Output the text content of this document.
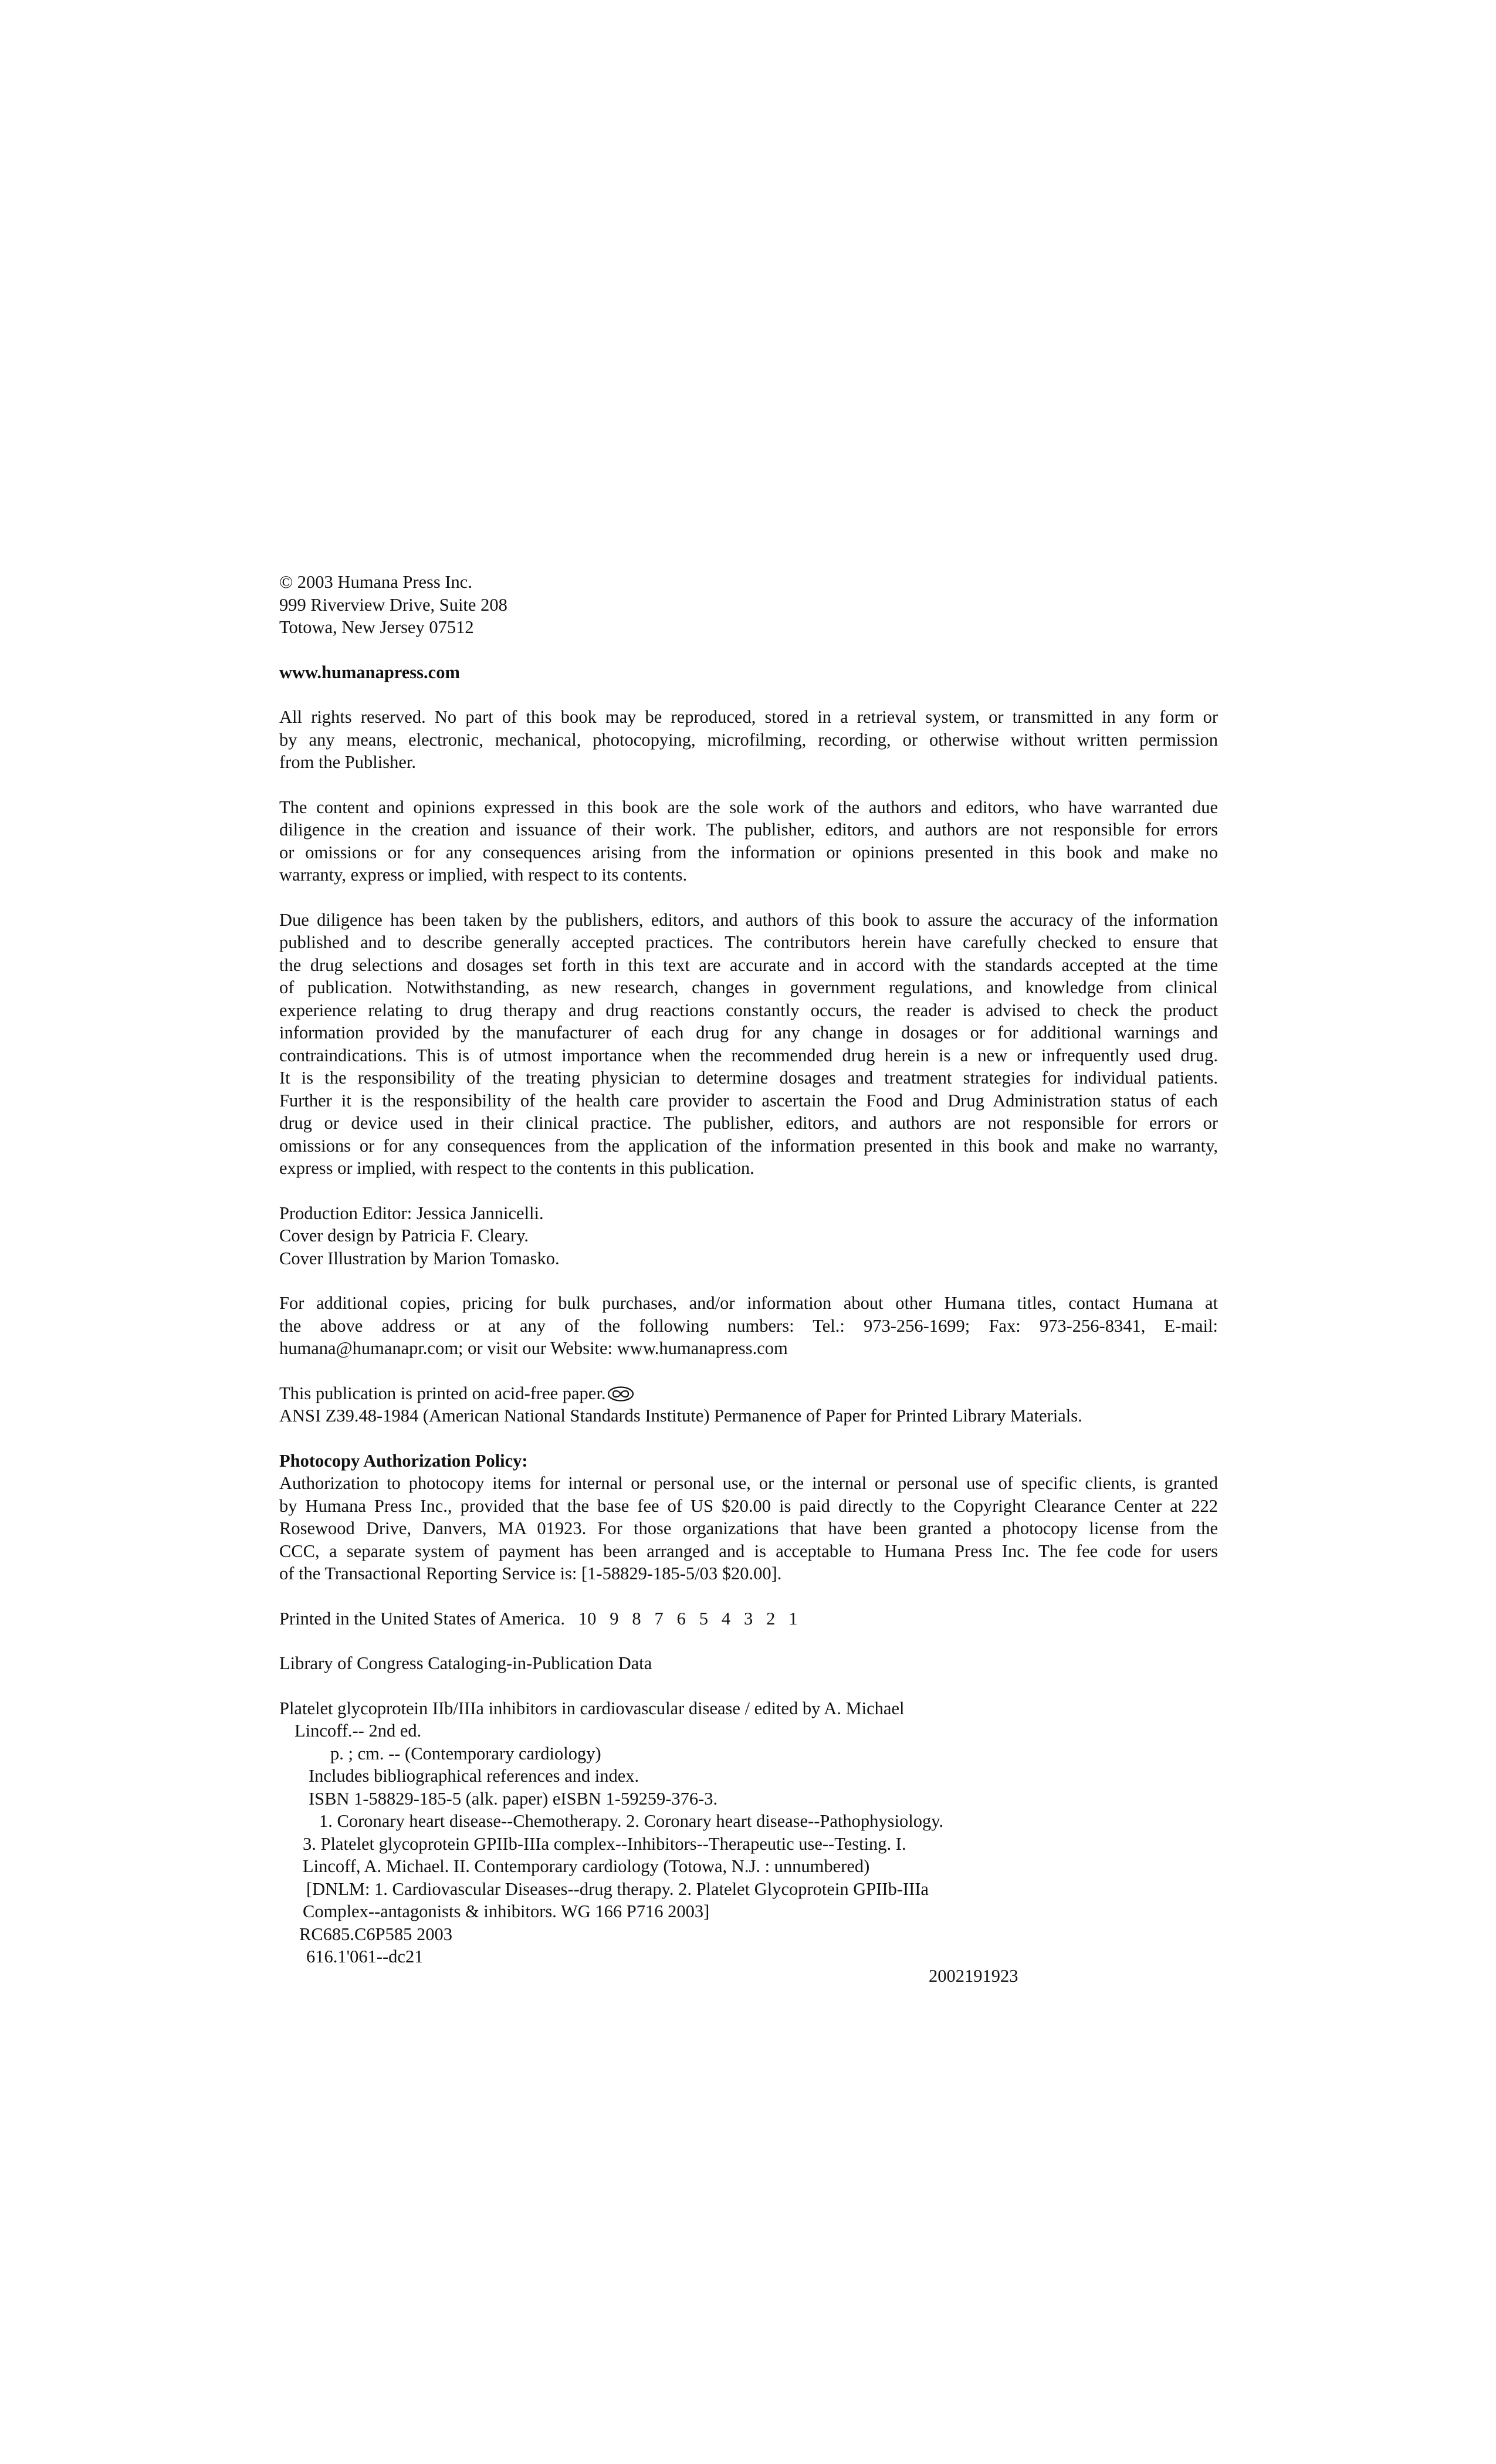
© 2003 Humana Press Inc.
999 Riverview Drive, Suite 208
Totowa, New Jersey 07512
www.humanapress.com
All rights reserved. No part of this book may be reproduced, stored in a retrieval system, or transmitted in any form or
by any means, electronic, mechanical, photocopying, microfilming, recording, or otherwise without written permission
from the Publisher.
The content and opinions expressed in this book are the sole work of the authors and editors, who have warranted due
diligence in the creation and issuance of their work. The publisher, editors, and authors are not responsible for errors
or omissions or for any consequences arising from the information or opinions presented in this book and make no
warranty, express or implied, with respect to its contents.
Due diligence has been taken by the publishers, editors, and authors of this book to assure the accuracy of the information
published and to describe generally accepted practices. The contributors herein have carefully checked to ensure that
the drug selections and dosages set forth in this text are accurate and in accord with the standards accepted at the time
of publication. Notwithstanding, as new research, changes in government regulations, and knowledge from clinical
experience relating to drug therapy and drug reactions constantly occurs, the reader is advised to check the product
information provided by the manufacturer of each drug for any change in dosages or for additional warnings and
contraindications. This is of utmost importance when the recommended drug herein is a new or infrequently used drug.
It is the responsibility of the treating physician to determine dosages and treatment strategies for individual patients.
Further it is the responsibility of the health care provider to ascertain the Food and Drug Administration status of each
drug or device used in their clinical practice. The publisher, editors, and authors are not responsible for errors or
omissions or for any consequences from the application of the information presented in this book and make no warranty,
express or implied, with respect to the contents in this publication.
Production Editor: Jessica Jannicelli.
Cover design by Patricia F. Cleary.
Cover Illustration by Marion Tomasko.
For additional copies, pricing for bulk purchases, and/or information about other Humana titles, contact Humana at
the above address or at any of the following numbers: Tel.: 973-256-1699; Fax: 973-256-8341, E-mail:
humana@humanapr.com; or visit our Website: www.humanapress.com
This publication is printed on acid-free paper.
ANSI Z39.48-1984 (American National Standards Institute) Permanence of Paper for Printed Library Materials.
Photocopy Authorization Policy:
Authorization to photocopy items for internal or personal use, or the internal or personal use of specific clients, is granted
by Humana Press Inc., provided that the base fee of US $20.00 is paid directly to the Copyright Clearance Center at 222
Rosewood Drive, Danvers, MA 01923. For those organizations that have been granted a photocopy license from the
CCC, a separate system of payment has been arranged and is acceptable to Humana Press Inc. The fee code for users
of the Transactional Reporting Service is: [1-58829-185-5/03 $20.00].
Printed in the United States of America. 10   9   8   7   6   5   4   3   2   1
Library of Congress Cataloging-in-Publication Data
Platelet glycoprotein IIb/IIIa inhibitors in cardiovascular disease / edited by A. Michael
Lincoff.-- 2nd ed.
p. ; cm. -- (Contemporary cardiology)
Includes bibliographical references and index.
ISBN 1-58829-185-5 (alk. paper) eISBN 1-59259-376-3.
1. Coronary heart disease--Chemotherapy. 2. Coronary heart disease--Pathophysiology.
3. Platelet glycoprotein GPIIb-IIIa complex--Inhibitors--Therapeutic use--Testing. I.
Lincoff, A. Michael. II. Contemporary cardiology (Totowa, N.J. : unnumbered)
[DNLM: 1. Cardiovascular Diseases--drug therapy. 2. Platelet Glycoprotein GPIIb-IIIa
Complex--antagonists & inhibitors. WG 166 P716 2003]
RC685.C6P585 2003
616.1'061--dc21
2002191923
